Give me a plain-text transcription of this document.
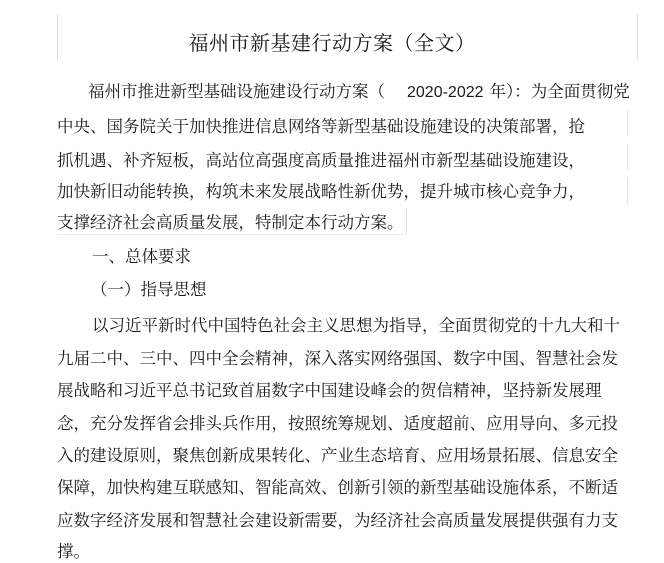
福州市新基建行动方案（全文）
福州市推进新型基础设施建设行动方案（ 2020-2022 年）：为全面贯彻党
中央、国务院关于加快推进信息网络等新型基础设施建设的决策部署，抢
抓机遇、补齐短板，高站位高强度高质量推进福州市新型基础设施建设，
加快新旧动能转换，构筑未来发展战略性新优势，提升城市核心竞争力，
支撑经济社会高质量发展，特制定本行动方案。
一、总体要求
（一）指导思想
以习近平新时代中国特色社会主义思想为指导，全面贯彻党的十九大和十
九届二中、三中、四中全会精神，深入落实网络强国、数字中国、智慧社会发
展战略和习近平总书记致首届数字中国建设峰会的贺信精神，坚持新发展理
念，充分发挥省会排头兵作用，按照统筹规划、适度超前、应用导向、多元投
入的建设原则，聚焦创新成果转化、产业生态培育、应用场景拓展、信息安全
保障，加快构建互联感知、智能高效、创新引领的新型基础设施体系，不断适
应数字经济发展和智慧社会建设新需要，为经济社会高质量发展提供强有力支
撑。
